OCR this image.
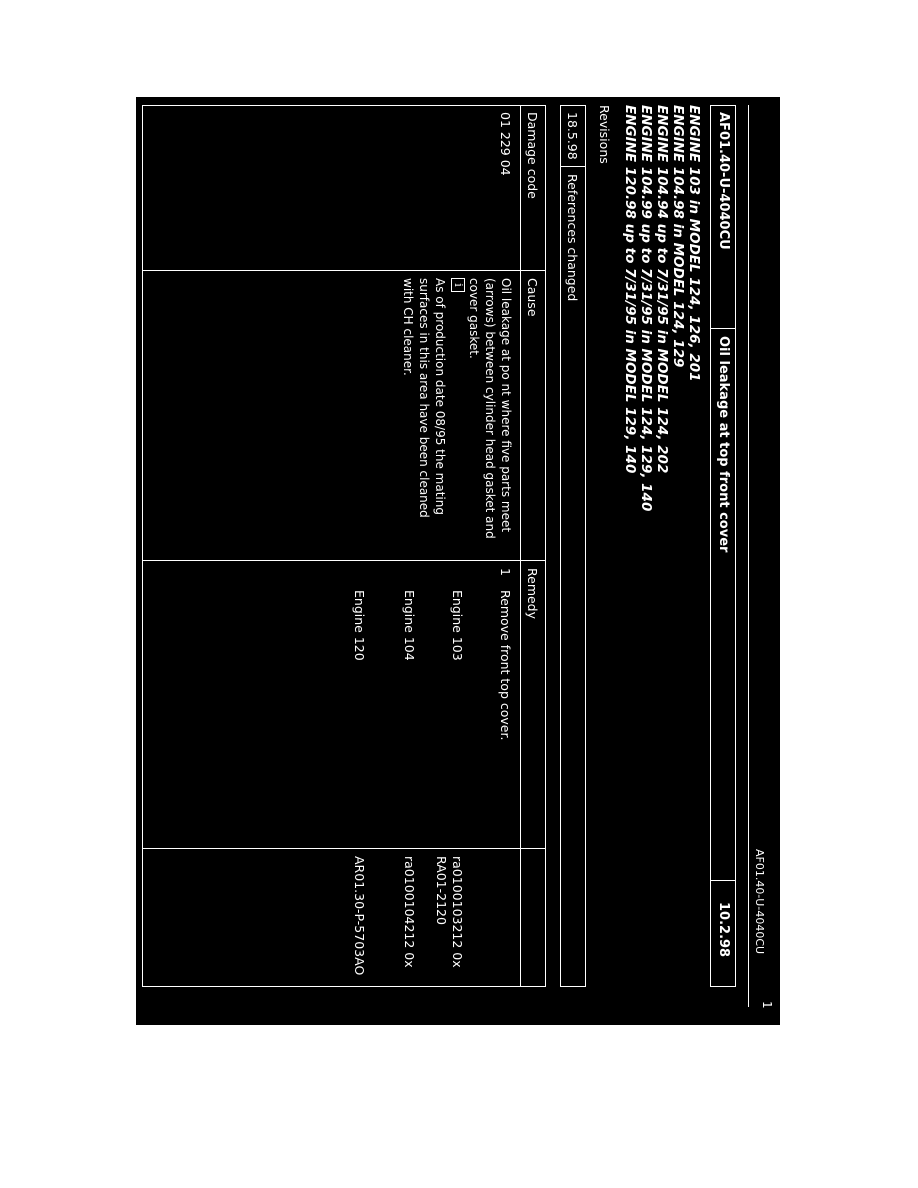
1
AF01.40-U-4040CU
AF01.40-U-4040CU
Oil leakage at top front cover
10.2.98
ENGINE 103 in MODEL 124, 126, 201
ENGINE 104.98 in MODEL 124, 129
ENGINE 104.94 up to 7/31/95 in MODEL 124, 202
ENGINE 104.99 up to 7/31/95 in MODEL 124, 129, 140
ENGINE 120.98 up to 7/31/95 in MODEL 129, 140
Revisions
18.5.98
References changed
Damage code
Cause
Remedy
01 229 04
Oil leakage at po nt where five parts meet
(arrows) between cylinder head gasket and
cover gasket.
i
As of production date 08/95 the mating
surfaces in this area have been cleaned
with CH cleaner.
1
Remove front top cover.
Engine 103
ra0100103212 0x
RA01-2120
Engine 104
ra0100104212 0x
Engine 120
AR01.30-P-5703AO
